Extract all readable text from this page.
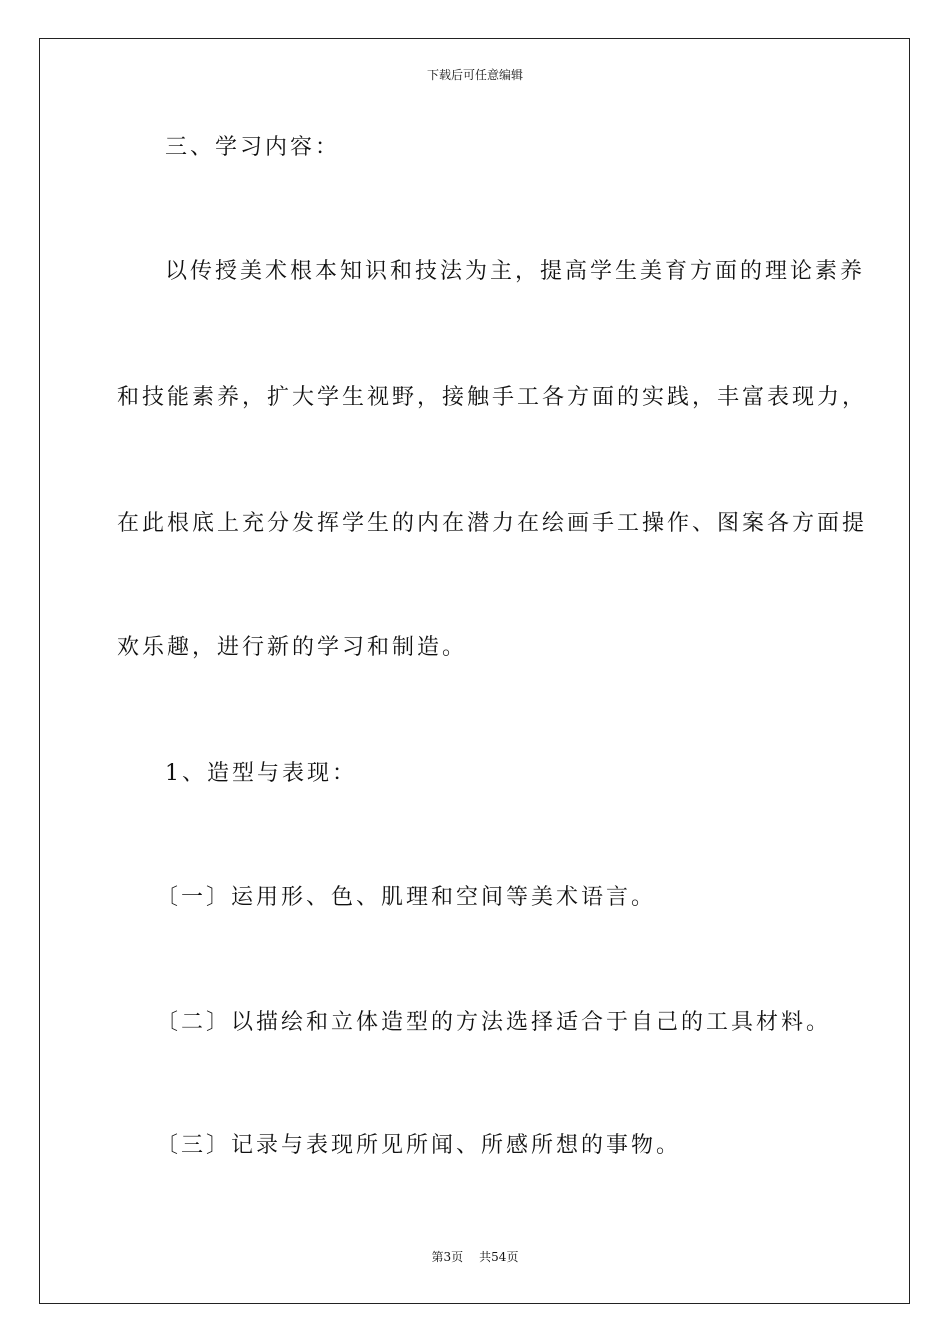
下载后可任意编辑
三、学习内容：
以传授美术根本知识和技法为主，提高学生美育方面的理论素养
和技能素养，扩大学生视野，接触手工各方面的实践，丰富表现力，
在此根底上充分发挥学生的内在潜力在绘画手工操作、图案各方面提
欢乐趣，进行新的学习和制造。
1、造型与表现：
〔一〕运用形、色、肌理和空间等美术语言。
〔二〕以描绘和立体造型的方法选择适合于自己的工具材料。
〔三〕记录与表现所见所闻、所感所想的事物。
第3页 共54页
